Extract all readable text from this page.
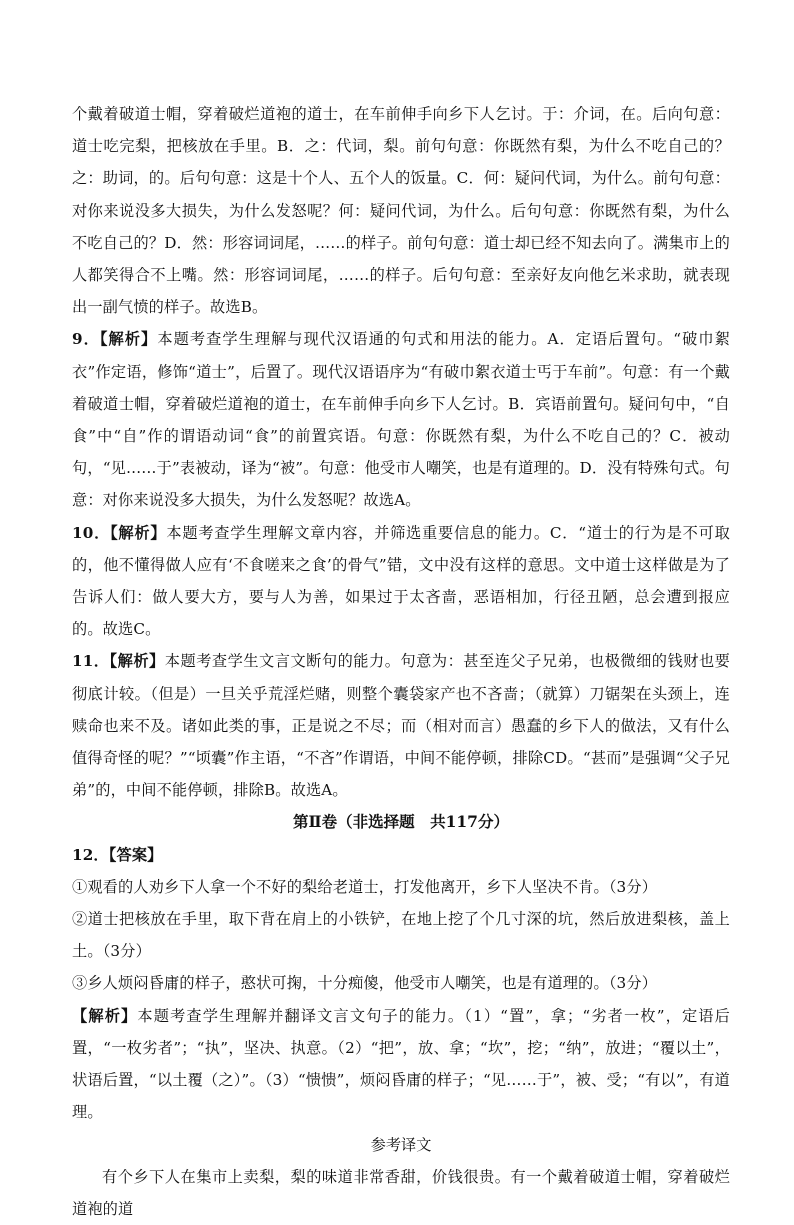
个戴着破道士帽，穿着破烂道袍的道士，在车前伸手向乡下人乞讨。于：介词，在。后向句意：道士吃完梨，把核放在手里。B．之：代词，梨。前句句意：你既然有梨，为什么不吃自己的？之：助词，的。后句句意：这是十个人、五个人的饭量。C．何：疑问代词，为什么。前句句意：对你来说没多大损失，为什么发怒呢？何：疑问代词，为什么。后句句意：你既然有梨，为什么不吃自己的？D．然：形容词词尾，……的样子。前句句意：道士却已经不知去向了。满集市上的人都笑得合不上嘴。然：形容词词尾，……的样子。后句句意：至亲好友向他乞米求助，就表现出一副气愤的样子。故选B。

9．【解析】本题考查学生理解与现代汉语通的句式和用法的能力。A．定语后置句。“破巾絮衣”作定语，修饰“道士”，后置了。现代汉语语序为“有破巾絮衣道士丐于车前”。句意：有一个戴着破道士帽，穿着破烂道袍的道士，在车前伸手向乡下人乞讨。B．宾语前置句。疑问句中，“自食”中“自”作的谓语动词“食”的前置宾语。句意：你既然有梨，为什么不吃自己的？C．被动句，“见……于”表被动，译为“被”。句意：他受市人嘲笑，也是有道理的。D．没有特殊句式。句意：对你来说没多大损失，为什么发怒呢？故选A。

10．【解析】本题考查学生理解文章内容，并筛选重要信息的能力。C．“道士的行为是不可取的，他不懂得做人应有‘不食嗟来之食’的骨气”错，文中没有这样的意思。文中道士这样做是为了告诉人们：做人要大方，要与人为善，如果过于太吝啬，恶语相加，行径丑陋，总会遭到报应的。故选C。

11．【解析】本题考查学生文言文断句的能力。句意为：甚至连父子兄弟，也极微细的钱财也要彻底计较。（但是）一旦关乎荒淫烂赌，则整个囊袋家产也不吝啬；（就算）刀锯架在头颈上，连赎命也来不及。诸如此类的事，正是说之不尽；而（相对而言）愚蠢的乡下人的做法，又有什么值得奇怪的呢？”“顷囊”作主语，“不吝”作谓语，中间不能停顿，排除CD。“甚而”是强调“父子兄弟”的，中间不能停顿，排除B。故选A。

第Ⅱ卷（非选择题　共117分）

12．【答案】

①观看的人劝乡下人拿一个不好的梨给老道士，打发他离开，乡下人坚决不肯。（3分）

②道士把核放在手里，取下背在肩上的小铁铲，在地上挖了个几寸深的坑，然后放进梨核，盖上土。（3分）

③乡人烦闷昏庸的样子，憨状可掬，十分痴傻，他受市人嘲笑，也是有道理的。（3分）

【解析】本题考查学生理解并翻译文言文句子的能力。（1）“置”，拿；“劣者一枚”，定语后置，“一枚劣者”；“执”，坚决、执意。（2）“把”，放、拿；“坎”，挖；“纳”，放进；“覆以土”，状语后置，“以土覆（之）”。（3）“愦愦”，烦闷昏庸的样子；“见……于”，被、受；“有以”，有道理。

参考译文

有个乡下人在集市上卖梨，梨的味道非常香甜，价钱很贵。有一个戴着破道士帽，穿着破烂道袍的道
